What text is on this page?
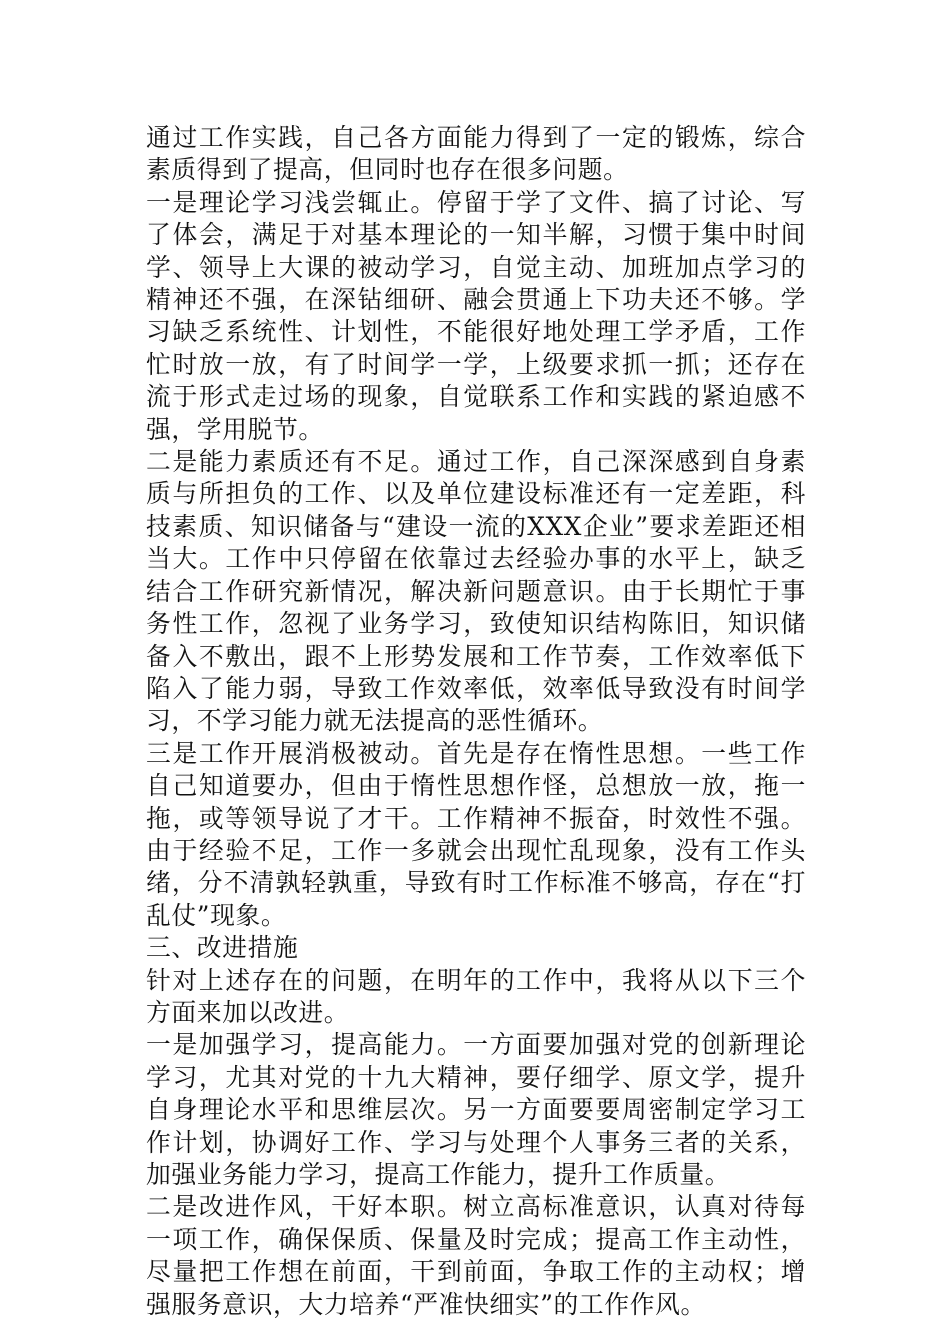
通过工作实践，自己各方面能力得到了一定的锻炼，综合素质得到了提高，但同时也存在很多问题。

一是理论学习浅尝辄止。停留于学了文件、搞了讨论、写了体会，满足于对基本理论的一知半解，习惯于集中时间学、领导上大课的被动学习，自觉主动、加班加点学习的精神还不强，在深钻细研、融会贯通上下功夫还不够。学习缺乏系统性、计划性，不能很好地处理工学矛盾，工作忙时放一放，有了时间学一学，上级要求抓一抓；还存在流于形式走过场的现象，自觉联系工作和实践的紧迫感不强，学用脱节。

二是能力素质还有不足。通过工作，自己深深感到自身素质与所担负的工作、以及单位建设标准还有一定差距，科技素质、知识储备与“建设一流的XXX企业”要求差距还相当大。工作中只停留在依靠过去经验办事的水平上，缺乏结合工作研究新情况，解决新问题意识。由于长期忙于事务性工作，忽视了业务学习，致使知识结构陈旧，知识储备入不敷出，跟不上形势发展和工作节奏，工作效率低下陷入了能力弱，导致工作效率低，效率低导致没有时间学习，不学习能力就无法提高的恶性循环。

三是工作开展消极被动。首先是存在惰性思想。一些工作自己知道要办，但由于惰性思想作怪，总想放一放，拖一拖，或等领导说了才干。工作精神不振奋，时效性不强。由于经验不足，工作一多就会出现忙乱现象，没有工作头绪，分不清孰轻孰重，导致有时工作标准不够高，存在“打乱仗”现象。

三、改进措施

针对上述存在的问题，在明年的工作中，我将从以下三个方面来加以改进。

一是加强学习，提高能力。一方面要加强对党的创新理论学习，尤其对党的十九大精神，要仔细学、原文学，提升自身理论水平和思维层次。另一方面要要周密制定学习工作计划，协调好工作、学习与处理个人事务三者的关系，加强业务能力学习，提高工作能力，提升工作质量。

二是改进作风，干好本职。树立高标准意识，认真对待每一项工作，确保保质、保量及时完成；提高工作主动性，尽量把工作想在前面，干到前面，争取工作的主动权；增强服务意识，大力培养“严准快细实”的工作作风。
